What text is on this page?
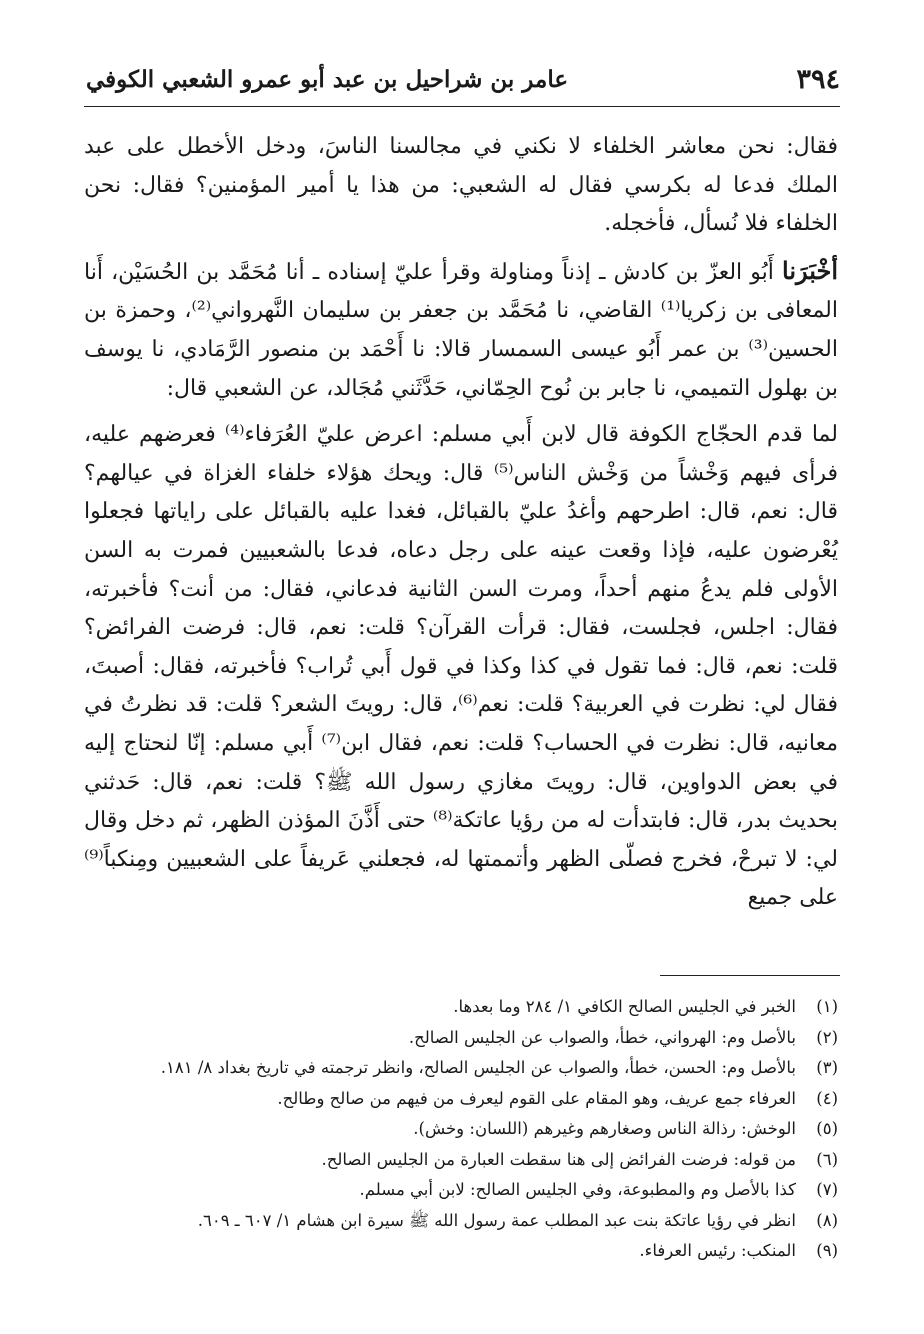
٣٩٤
عامر بن شراحيل بن عبد أبو عمرو الشعبي الكوفي

فقال: نحن معاشر الخلفاء لا نكني في مجالسنا الناسَ، ودخل الأخطل على عبد الملك فدعا له بكرسي فقال له الشعبي: من هذا يا أمير المؤمنين؟ فقال: نحن الخلفاء فلا نُسأل، فأخجله.

أخْبَرَنا أَبُو العزّ بن كادش ـ إذناً ومناولة وقرأ عليّ إسناده ـ أنا مُحَمَّد بن الحُسَيْن، أَنا المعافى بن زكريا⁽¹⁾ القاضي، نا مُحَمَّد بن جعفر بن سليمان النَّهرواني⁽²⁾، وحمزة بن الحسين⁽³⁾ بن عمر أَبُو عيسى السمسار قالا: نا أَحْمَد بن منصور الرَّمَادي، نا يوسف بن بهلول التميمي، نا جابر بن نُوح الحِمّاني، حَدَّثَني مُجَالد، عن الشعبي قال:

لما قدم الحجّاج الكوفة قال لابن أَبي مسلم: اعرض عليّ العُرَفاء⁽⁴⁾ فعرضهم عليه، فرأى فيهم وَخْشاً من وَخْش الناس⁽⁵⁾ قال: ويحك هؤلاء خلفاء الغزاة في عيالهم؟ قال: نعم، قال: اطرحهم وأغدُ عليّ بالقبائل، فغدا عليه بالقبائل على راياتها فجعلوا يُعْرضون عليه، فإذا وقعت عينه على رجل دعاه، فدعا بالشعبيين فمرت به السن الأولى فلم يدعُ منهم أحداً، ومرت السن الثانية فدعاني، فقال: من أنت؟ فأخبرته، فقال: اجلس، فجلست، فقال: قرأت القرآن؟ قلت: نعم، قال: فرضت الفرائض؟ قلت: نعم، قال: فما تقول في كذا وكذا في قول أَبي تُراب؟ فأخبرته، فقال: أصبتَ، فقال لي: نظرت في العربية؟ قلت: نعم⁽⁶⁾، قال: رويتَ الشعر؟ قلت: قد نظرتُ في معانيه، قال: نظرت في الحساب؟ قلت: نعم، فقال ابن⁽⁷⁾ أَبي مسلم: إنّا لنحتاج إليه في بعض الدواوين، قال: رويتَ مغازي رسول الله ﷺ؟ قلت: نعم، قال: حَدثني بحديث بدر، قال: فابتدأت له من رؤيا عاتكة⁽⁸⁾ حتى أَذَّنَ المؤذن الظهر، ثم دخل وقال لي: لا تبرحْ، فخرج فصلّى الظهر وأتممتها له، فجعلني عَريفاً على الشعبيين ومِنكباً⁽⁹⁾ على جميع

(١)
الخبر في الجليس الصالح الكافي ١/ ٢٨٤ وما بعدها.
(٢)
بالأصل وم: الهرواني، خطأ، والصواب عن الجليس الصالح.
(٣)
بالأصل وم: الحسن، خطأ، والصواب عن الجليس الصالح، وانظر ترجمته في تاريخ بغداد ٨/ ١٨١.
(٤)
العرفاء جمع عريف، وهو المقام على القوم ليعرف من فيهم من صالح وطالح.
(٥)
الوخش: رذالة الناس وصغارهم وغيرهم (اللسان: وخش).
(٦)
من قوله: فرضت الفرائض إلى هنا سقطت العبارة من الجليس الصالح.
(٧)
كذا بالأصل وم والمطبوعة، وفي الجليس الصالح: لابن أبي مسلم.
(٨)
انظر في رؤيا عاتكة بنت عبد المطلب عمة رسول الله ﷺ سيرة ابن هشام ١/ ٦٠٧ ـ ٦٠٩.
(٩)
المنكب: رئيس العرفاء.
